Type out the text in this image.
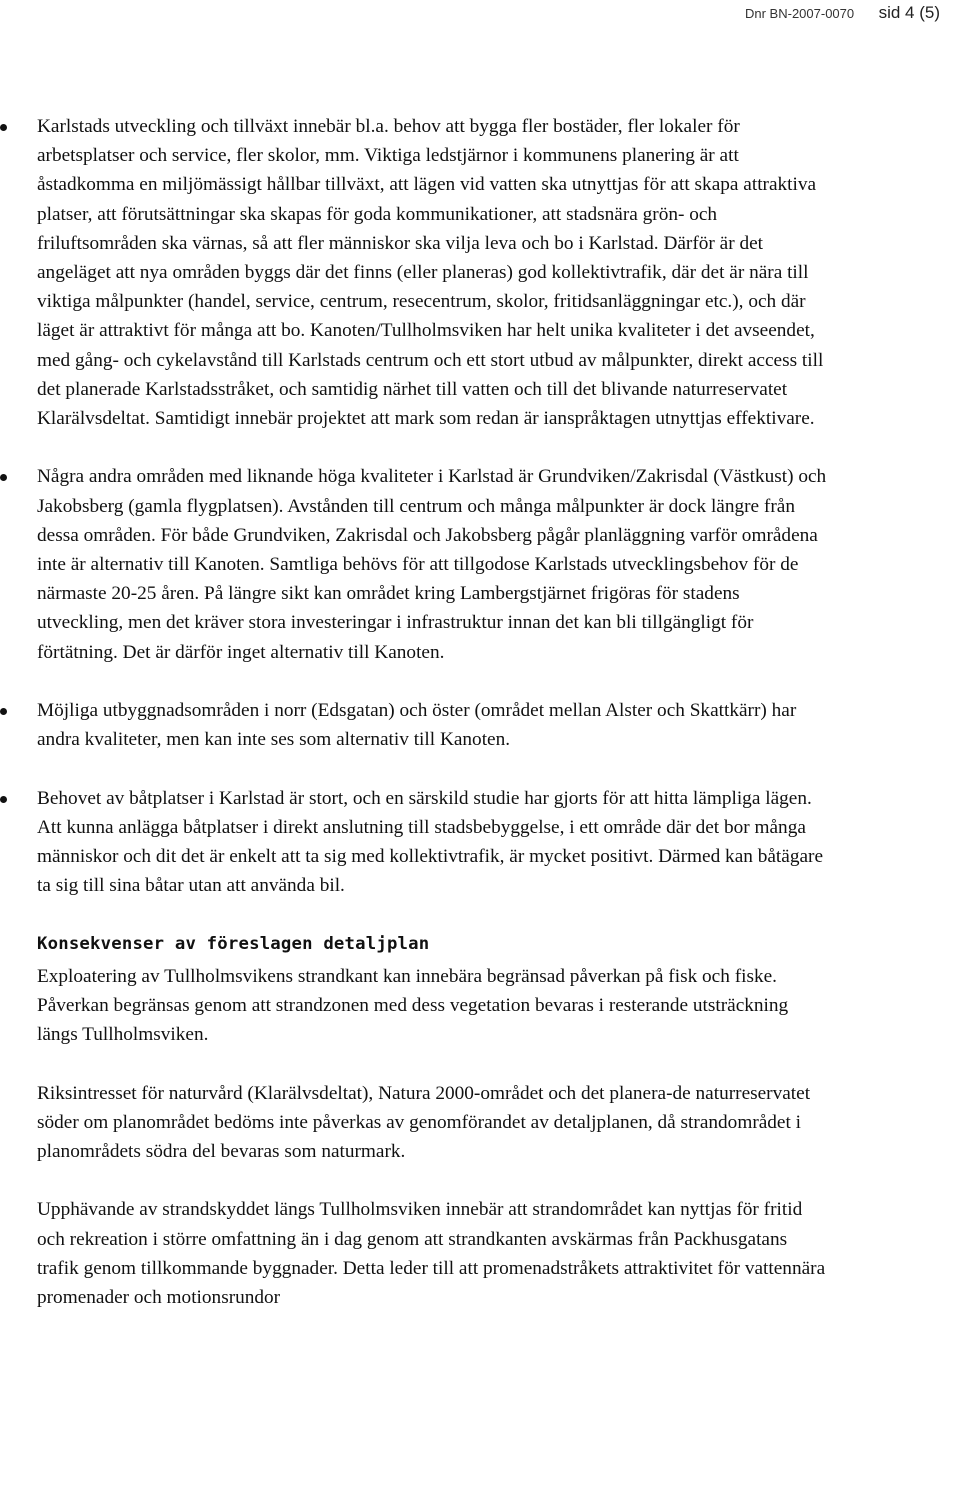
Dnr BN-2007-0070 sid 4 (5)

Karlstads utveckling och tillväxt innebär bl.a. behov att bygga fler bostäder, fler lokaler för arbetsplatser och service, fler skolor, mm. Viktiga ledstjärnor i kommunens planering är att åstadkomma en miljömässigt hållbar tillväxt, att lägen vid vatten ska utnyttjas för att skapa attraktiva platser, att förutsättningar ska skapas för goda kommunikationer, att stadsnära grön- och friluftsområden ska värnas, så att fler människor ska vilja leva och bo i Karlstad. Därför är det angeläget att nya områden byggs där det finns (eller planeras) god kollektivtrafik, där det är nära till viktiga målpunkter (handel, service, centrum, resecentrum, skolor, fritidsanläggningar etc.), och där läget är attraktivt för många att bo. Kanoten/Tullholmsviken har helt unika kvaliteter i det avseendet, med gång- och cykelavstånd till Karlstads centrum och ett stort utbud av målpunkter, direkt access till det planerade Karlstadsstråket, och samtidig närhet till vatten och till det blivande naturreservatet Klarälvsdeltat. Samtidigt innebär projektet att mark som redan är ianspråktagen utnyttjas effektivare.

Några andra områden med liknande höga kvaliteter i Karlstad är Grundviken/Zakrisdal (Västkust) och Jakobsberg (gamla flygplatsen). Avstånden till centrum och många målpunkter är dock längre från dessa områden. För både Grundviken, Zakrisdal och Jakobsberg pågår planläggning varför områdena inte är alternativ till Kanoten. Samtliga behövs för att tillgodose Karlstads utvecklingsbehov för de närmaste 20-25 åren. På längre sikt kan området kring Lambergstjärnet frigöras för stadens utveckling, men det kräver stora investeringar i infrastruktur innan det kan bli tillgängligt för förtätning. Det är därför inget alternativ till Kanoten.

Möjliga utbyggnadsområden i norr (Edsgatan) och öster (området mellan Alster och Skattkärr) har andra kvaliteter, men kan inte ses som alternativ till Kanoten.

Behovet av båtplatser i Karlstad är stort, och en särskild studie har gjorts för att hitta lämpliga lägen. Att kunna anlägga båtplatser i direkt anslutning till stadsbebyggelse, i ett område där det bor många människor och dit det är enkelt att ta sig med kollektivtrafik, är mycket positivt. Därmed kan båtägare ta sig till sina båtar utan att använda bil.

Konsekvenser av föreslagen detaljplan

Exploatering av Tullholmsvikens strandkant kan innebära begränsad påverkan på fisk och fiske. Påverkan begränsas genom att strandzonen med dess vegetation bevaras i resterande utsträckning längs Tullholmsviken.

Riksintresset för naturvård (Klarälvsdeltat), Natura 2000-området och det planera-de naturreservatet söder om planområdet bedöms inte påverkas av genomförandet av detaljplanen, då strandområdet i planområdets södra del bevaras som naturmark.

Upphävande av strandskyddet längs Tullholmsviken innebär att strandområdet kan nyttjas för fritid och rekreation i större omfattning än i dag genom att strandkanten avskärmas från Packhusgatans trafik genom tillkommande byggnader. Detta leder till att promenadstråkets attraktivitet för vattennära promenader och motionsrundor
